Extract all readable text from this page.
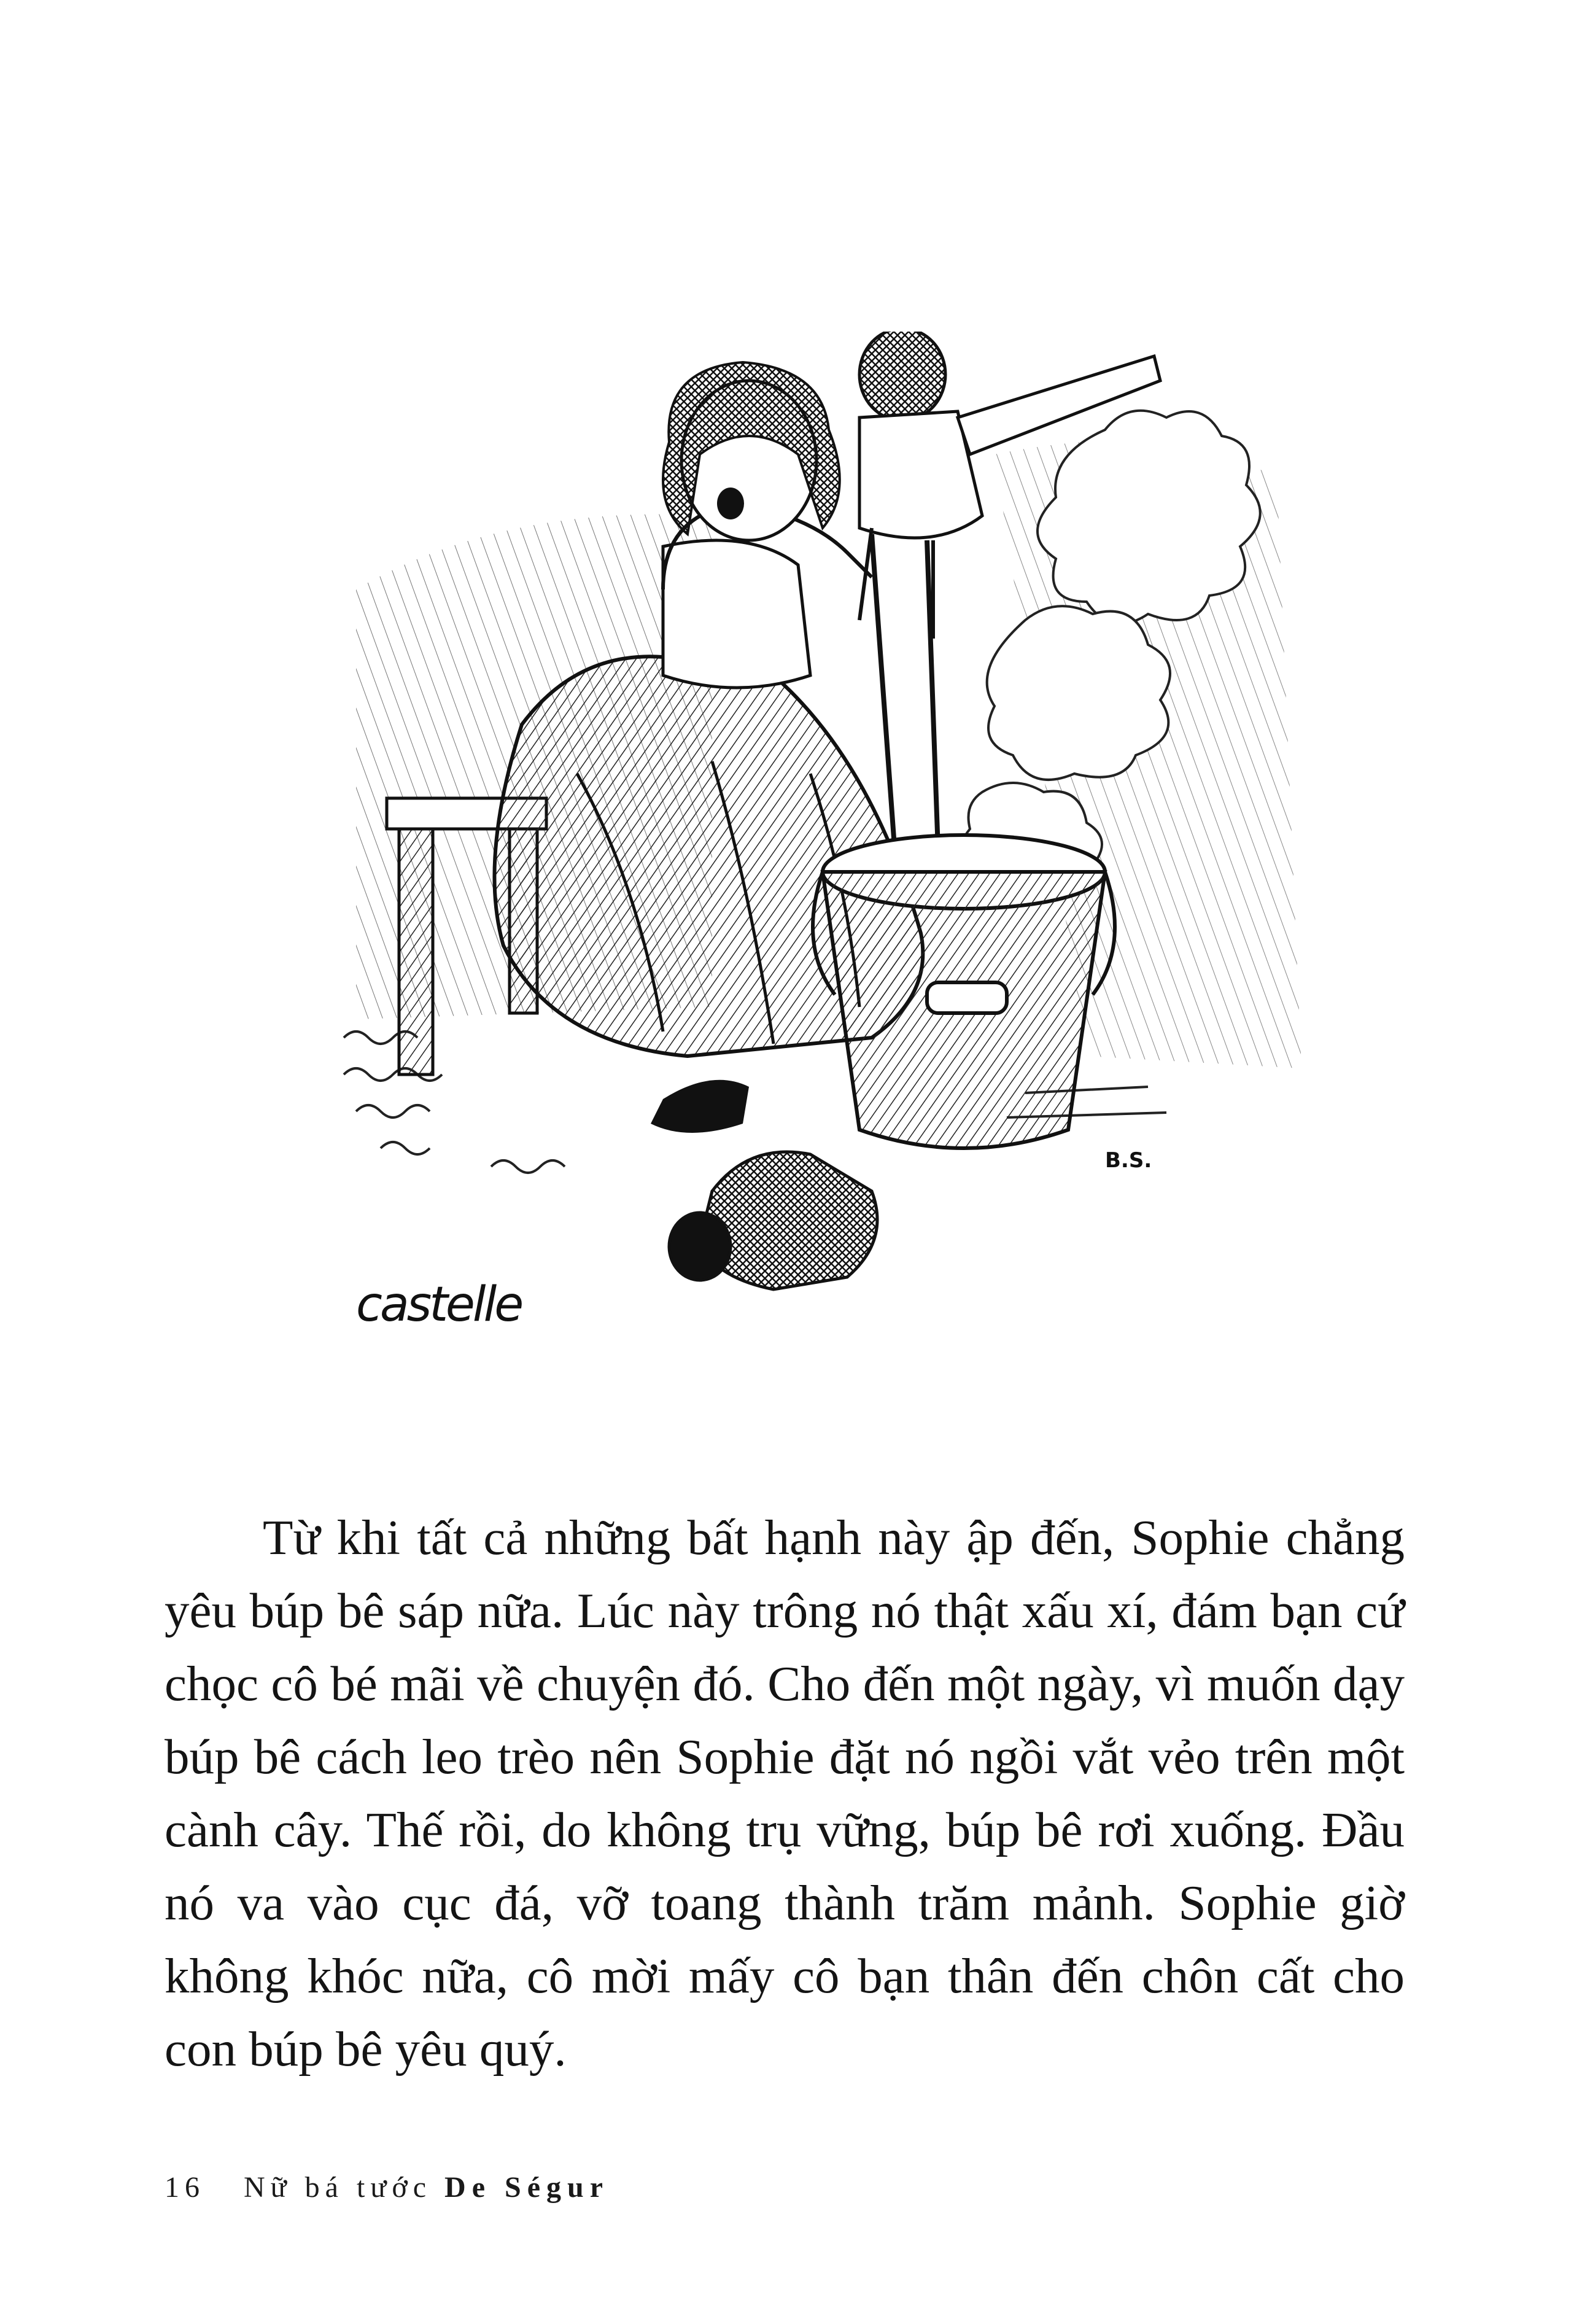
castelle
B.S.

Từ khi tất cả những bất hạnh này ập đến, Sophie chẳng yêu búp bê sáp nữa. Lúc này trông nó thật xấu xí, đám bạn cứ chọc cô bé mãi về chuyện đó. Cho đến một ngày, vì muốn dạy búp bê cách leo trèo nên Sophie đặt nó ngồi vắt vẻo trên một cành cây. Thế rồi, do không trụ vững, búp bê rơi xuống. Đầu nó va vào cục đá, vỡ toang thành trăm mảnh. Sophie giờ không khóc nữa, cô mời mấy cô bạn thân đến chôn cất cho con búp bê yêu quý.

16 Nữ bá tước De Ségur
